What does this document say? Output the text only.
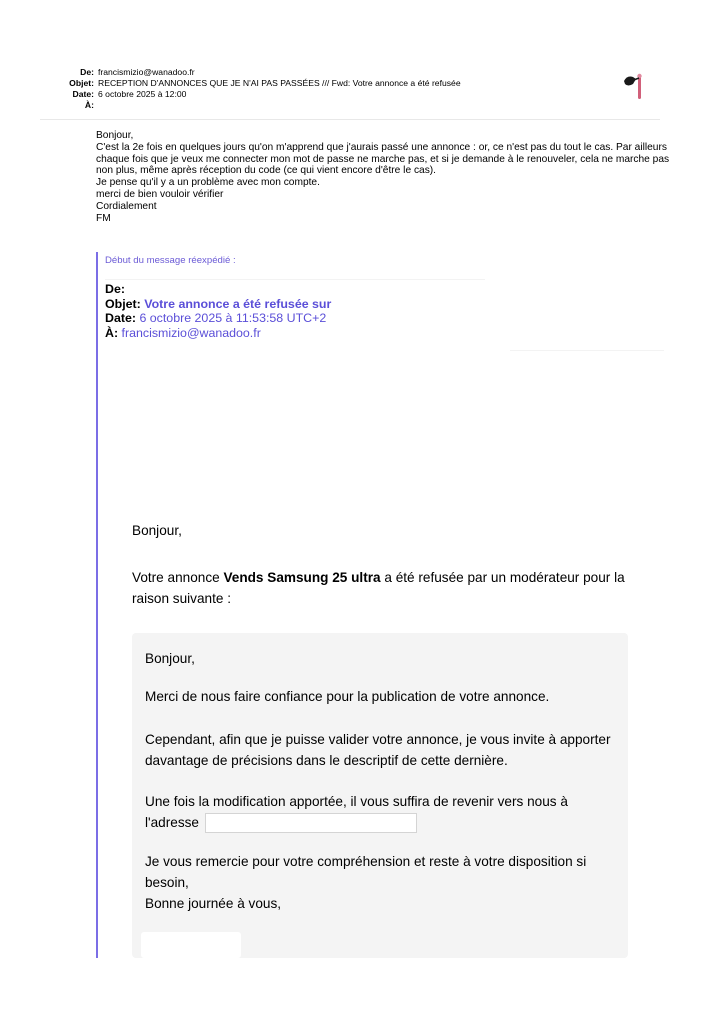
De: francismizio@wanadoo.fr
Objet: RECEPTION D'ANNONCES QUE JE N'AI PAS PASSÉES /// Fwd: Votre annonce a été refusée
Date: 6 octobre 2025 à 12:00
À:
Bonjour,
C'est la 2e fois en quelques jours qu'on m'apprend que j'aurais passé une annonce : or, ce n'est pas du tout le cas. Par ailleurs chaque fois que je veux me connecter mon mot de passe ne marche pas, et si je demande à le renouveler, cela ne marche pas non plus, même après réception du code (ce qui vient encore d'être le cas).
Je pense qu'il y a un problème avec mon compte.
merci de bien vouloir vérifier
Cordialement
FM
Début du message réexpédié :
De:
Objet: Votre annonce a été refusée sur
Date: 6 octobre 2025 à 11:53:58 UTC+2
À: francismizio@wanadoo.fr
Bonjour,
Votre annonce Vends Samsung 25 ultra a été refusée par un modérateur pour la raison suivante :
Bonjour,
Merci de nous faire confiance pour la publication de votre annonce.
Cependant, afin que je puisse valider votre annonce, je vous invite à apporter davantage de précisions dans le descriptif de cette dernière.
Une fois la modification apportée, il vous suffira de revenir vers nous à l'adresse
Je vous remercie pour votre compréhension et reste à votre disposition si besoin,
Bonne journée à vous,
